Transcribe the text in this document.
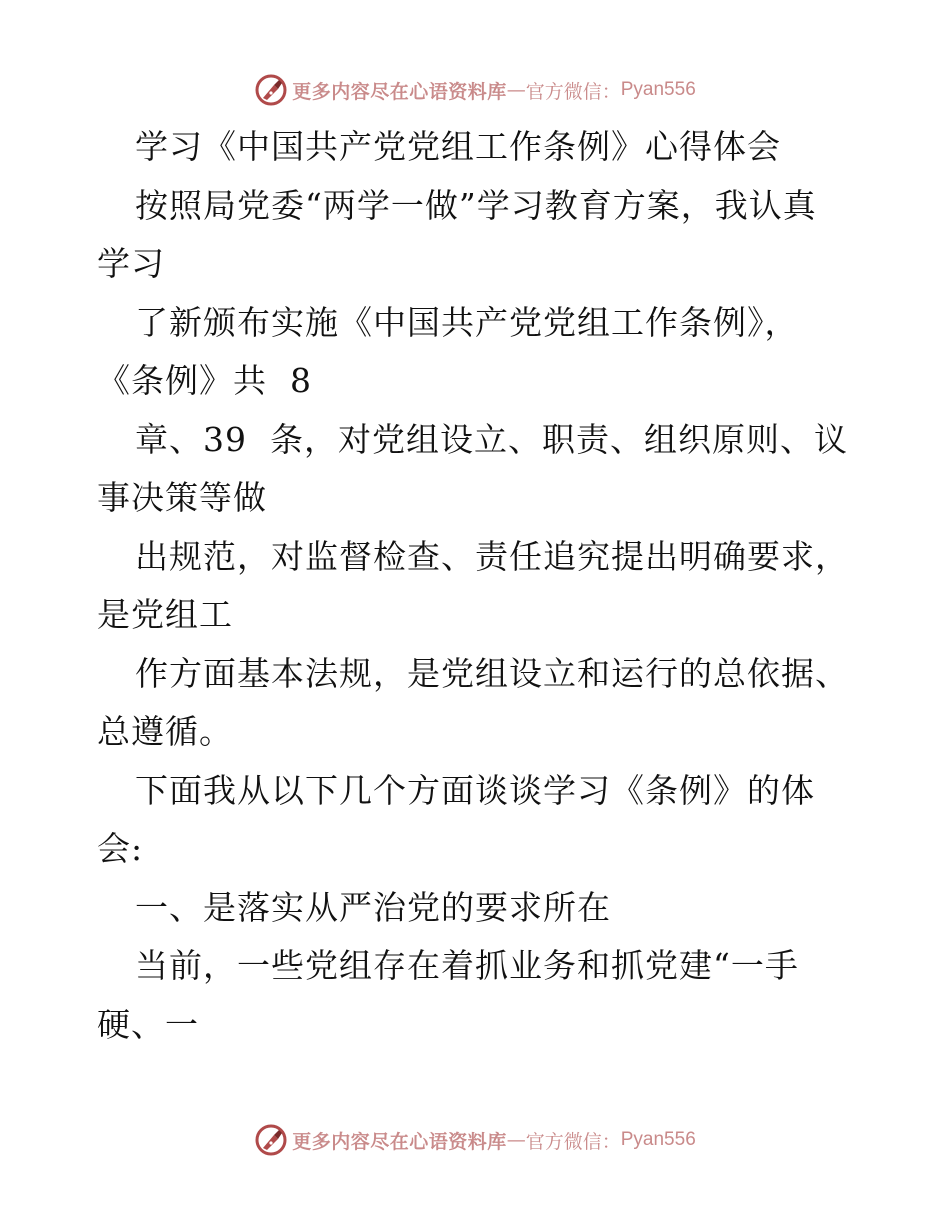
更多内容尽在心语资料库 — 官方微信： Pyan556
学习《中国共产党党组工作条例》心得体会
按照局党委“两学一做”学习教育方案，我认真
学习
了新颁布实施《中国共产党党组工作条例》，
《条例》共  8
章、39  条，对党组设立、职责、组织原则、议
事决策等做
出规范，对监督检查、责任追究提出明确要求，
是党组工
作方面基本法规，是党组设立和运行的总依据、
总遵循。
下面我从以下几个方面谈谈学习《条例》的体
会:
一、是落实从严治党的要求所在
当前，一些党组存在着抓业务和抓党建“一手
硬、一
更多内容尽在心语资料库 — 官方微信： Pyan556
